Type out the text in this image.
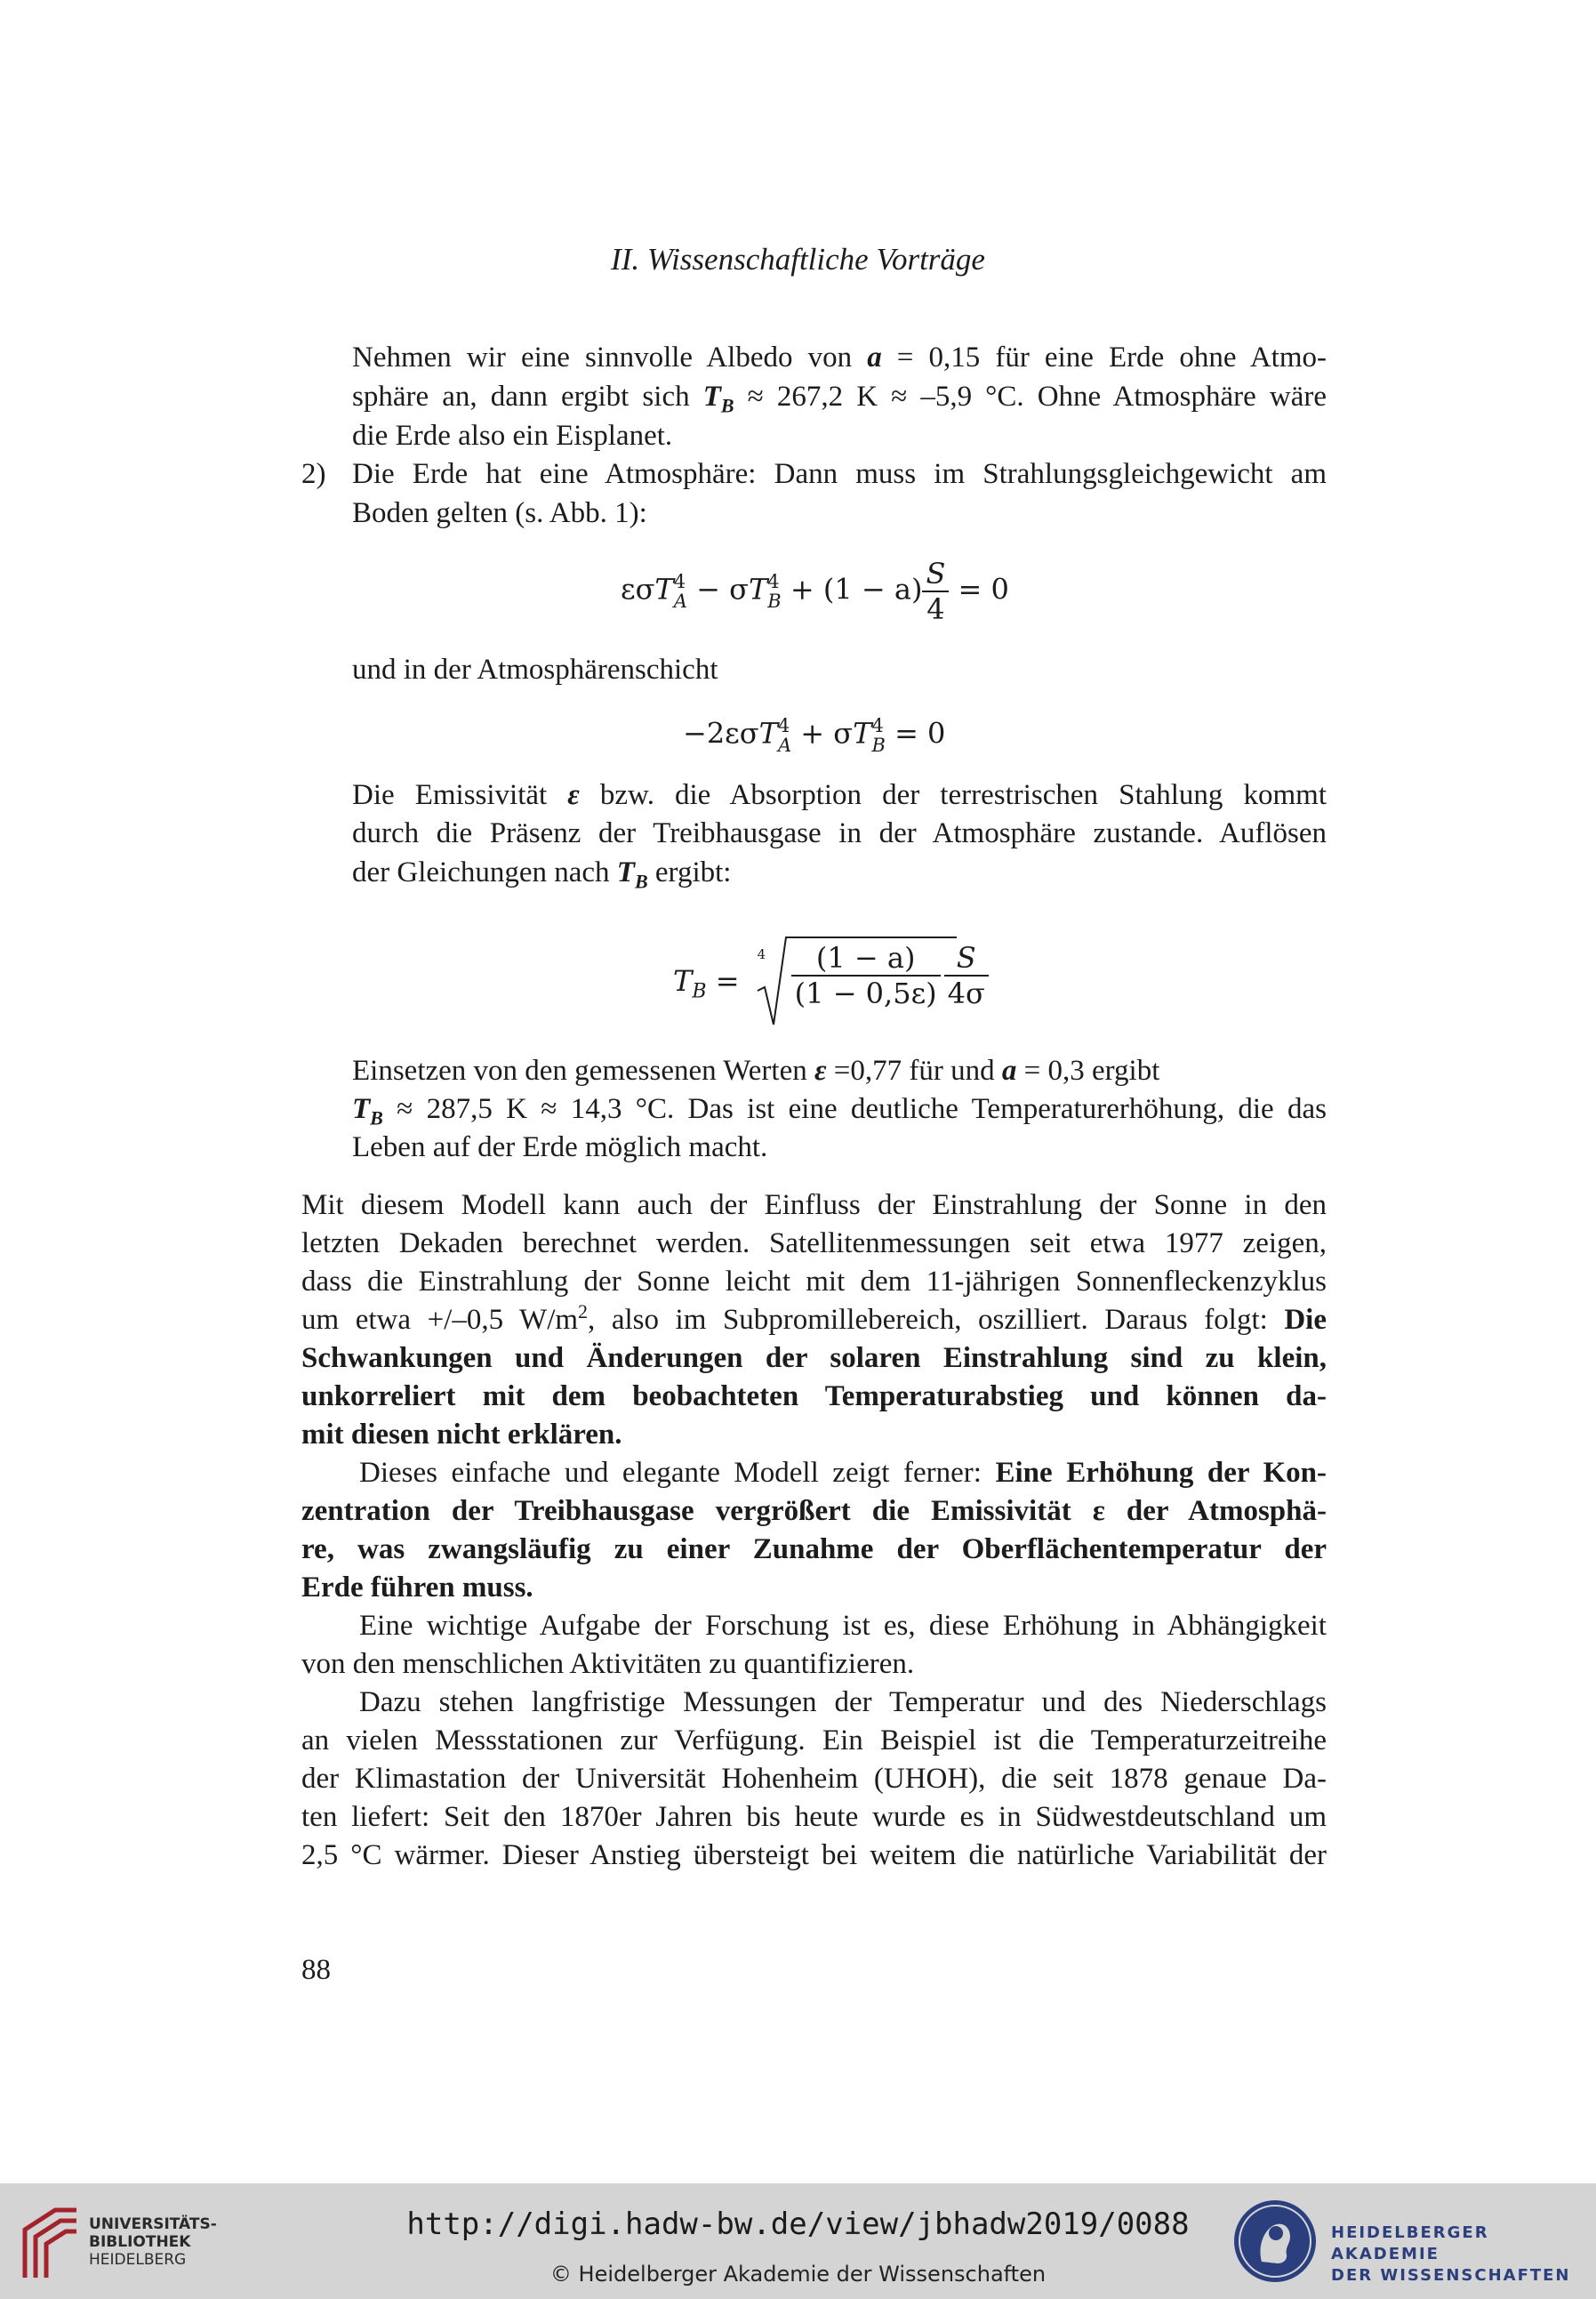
II. Wissenschaftliche Vorträge
Nehmen wir eine sinnvolle Albedo von a = 0,15 für eine Erde ohne Atmo-
sphäre an, dann ergibt sich $T_B \approx 267,2$ K ≈ –5,9 °C. Ohne Atmosphäre wäre
die Erde also ein Eisplanet.
2) Die Erde hat eine Atmosphäre: Dann muss im Strahlungsgleichgewicht am
Boden gelten (s. Abb. 1):
εσT 4
A − σT 4
$B + (1 - a) \frac{S}{4} = 0$
und in der Atmosphärenschicht
−2εσT 4
A + σT 4
B = 0
Die Emissivität ε bzw. die Absorption der terrestrischen Stahlung kommt
durch die Präsenz der Treibhausgase in der Atmosphäre zustande. Auflösen
der Gleichungen nach $T_B$ ergibt:
$T_B$ =
$4 \frac{(1 - a)}{(1 - 0,5\varepsilon)} \frac{S}{4\sigma}$
Einsetzen von den gemessenen Werten ε =0,77 für und a = 0,3 ergibt
$T_B \approx 287,5$ K ≈ 14,3 °C. Das ist eine deutliche Temperaturerhöhung, die das
Leben auf der Erde möglich macht.
Mit diesem Modell kann auch der Einfluss der Einstrahlung der Sonne in den
letzten Dekaden berechnet werden. Satellitenmessungen seit etwa 1977 zeigen,
dass die Einstrahlung der Sonne leicht mit dem 11-jährigen Sonnenfleckenzyklus
um etwa +/–0,5 $W/m^2$, also im Subpromillebereich, oszilliert. Daraus folgt: Die
Schwankungen und Änderungen der solaren Einstrahlung sind zu klein,
unkorreliert mit dem beobachteten Temperaturabstieg und können da-
mit diesen nicht erklären.
Dieses einfache und elegante Modell zeigt ferner: Eine Erhöhung der Kon-
zentration der Treibhausgase vergrößert die Emissivität ε der Atmosphä-
re, was zwangsläufig zu einer Zunahme der Oberflächentemperatur der
Erde führen muss.
Eine wichtige Aufgabe der Forschung ist es, diese Erhöhung in Abhängigkeit
von den menschlichen Aktivitäten zu quantifizieren.
Dazu stehen langfristige Messungen der Temperatur und des Niederschlags
an vielen Messstationen zur Verfügung. Ein Beispiel ist die Temperaturzeitreihe
der Klimastation der Universität Hohenheim (UHOH), die seit 1878 genaue Da-
ten liefert: Seit den 1870er Jahren bis heute wurde es in Südwestdeutschland um
2,5 °C wärmer. Dieser Anstieg übersteigt bei weitem die natürliche Variabilität der
88
UNIVERSITÄTS-
BIBLIOTHEK
HEIDELBERG
http://digi.hadw-bw.de/view/jbhadw2019/0088
© Heidelberger Akademie der Wissenschaften
HEIDELBERGER AKADEMIE
DER WISSENSCHAFTEN
